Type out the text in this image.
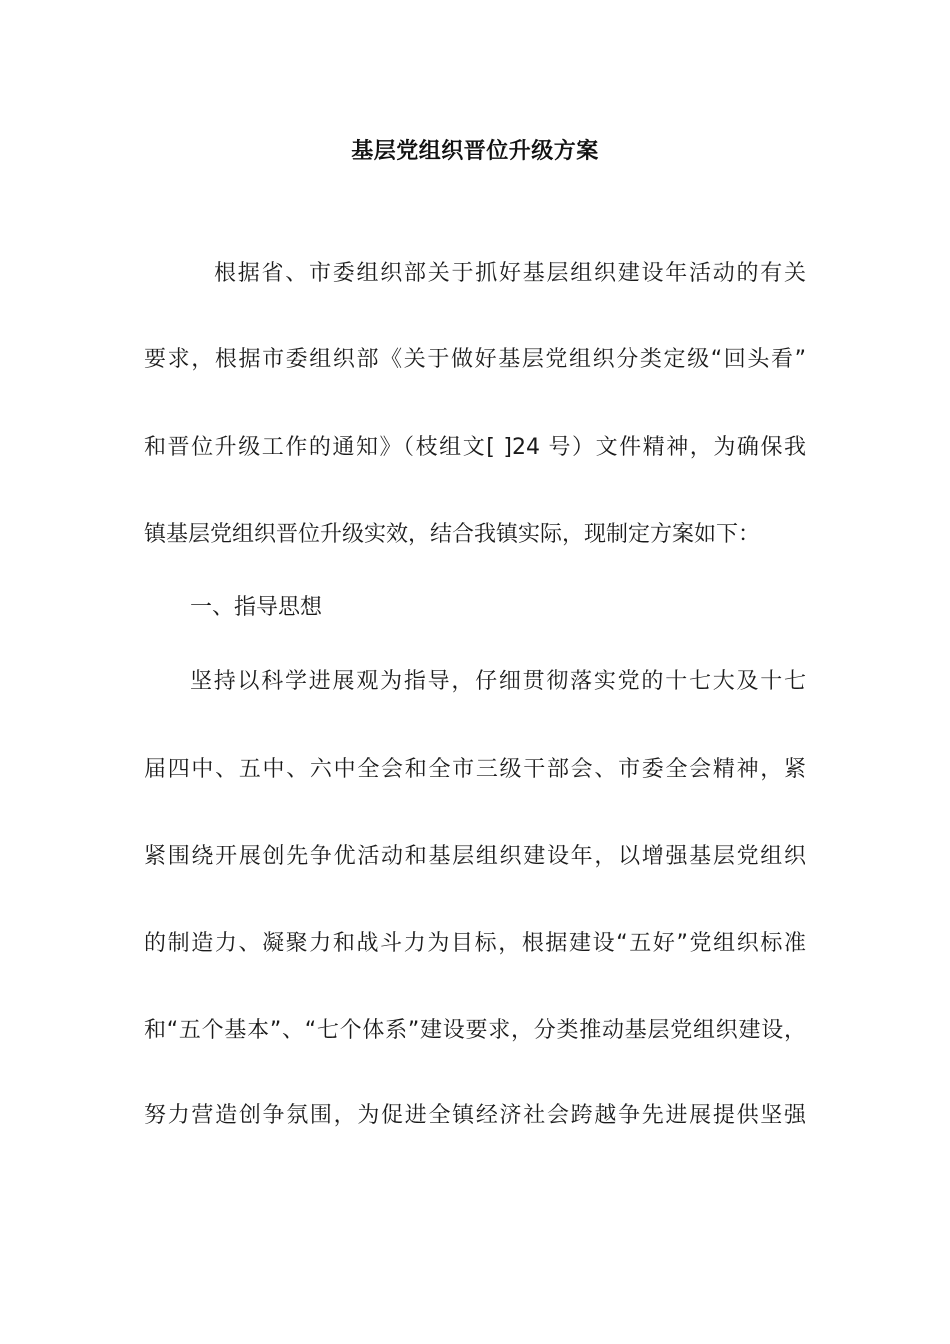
基层党组织晋位升级方案
根据省、市委组织部关于抓好基层组织建设年活动的有关
要求，根据市委组织部《关于做好基层党组织分类定级“回头看”
和晋位升级工作的通知》（枝组文[ ]24 号）文件精神，为确保我
镇基层党组织晋位升级实效，结合我镇实际，现制定方案如下：
一、指导思想
坚持以科学进展观为指导，仔细贯彻落实党的十七大及十七
届四中、五中、六中全会和全市三级干部会、市委全会精神，紧
紧围绕开展创先争优活动和基层组织建设年，以增强基层党组织
的制造力、凝聚力和战斗力为目标，根据建设“五好”党组织标准
和“五个基本”、“七个体系”建设要求，分类推动基层党组织建设，
努力营造创争氛围，为促进全镇经济社会跨越争先进展提供坚强
